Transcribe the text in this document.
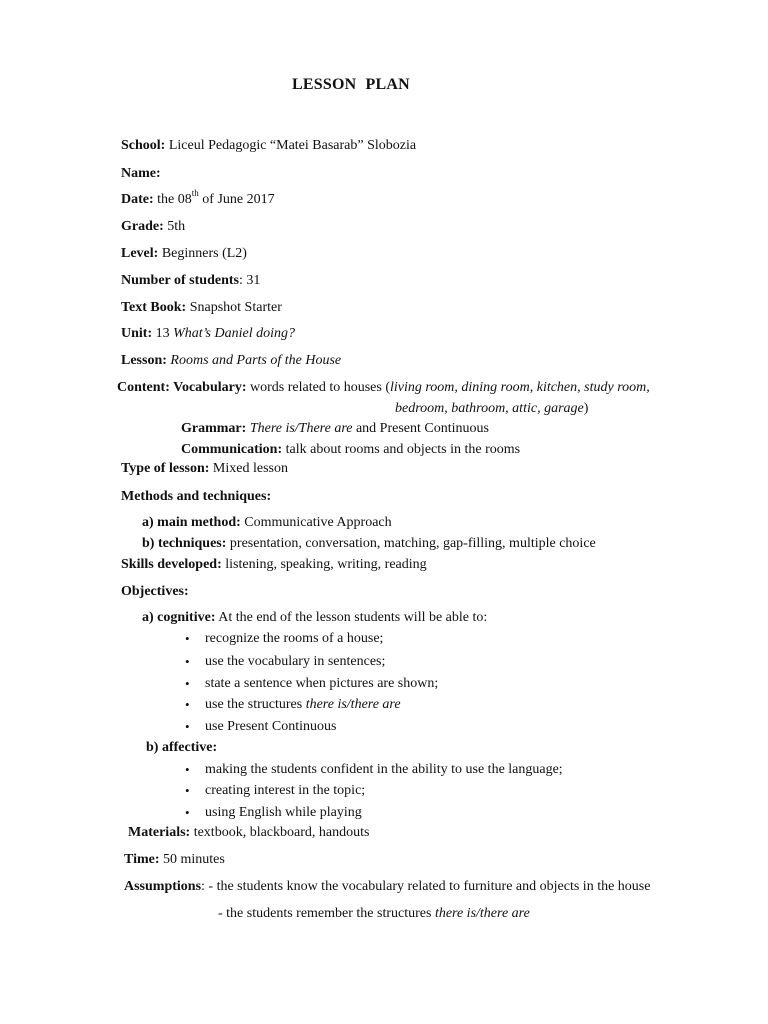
LESSON PLAN
School: Liceul Pedagogic “Matei Basarab” Slobozia
Name:
Date: the 08th of June 2017
Grade: 5th
Level: Beginners (L2)
Number of students: 31
Text Book: Snapshot Starter
Unit: 13 What’s Daniel doing?
Lesson: Rooms and Parts of the House
Content: Vocabulary: words related to houses (living room, dining room, kitchen, study room,
bedroom, bathroom, attic, garage)
Grammar: There is/There are and Present Continuous
Communication: talk about rooms and objects in the rooms
Type of lesson: Mixed lesson
Methods and techniques:
a) main method: Communicative Approach
b) techniques: presentation, conversation, matching, gap-filling, multiple choice
Skills developed: listening, speaking, writing, reading
Objectives:
a) cognitive: At the end of the lesson students will be able to:
• recognize the rooms of a house;
• use the vocabulary in sentences;
• state a sentence when pictures are shown;
• use the structures there is/there are
• use Present Continuous
b) affective:
• making the students confident in the ability to use the language;
• creating interest in the topic;
• using English while playing
Materials: textbook, blackboard, handouts
Time: 50 minutes
Assumptions: - the students know the vocabulary related to furniture and objects in the house
- the students remember the structures there is/there are
